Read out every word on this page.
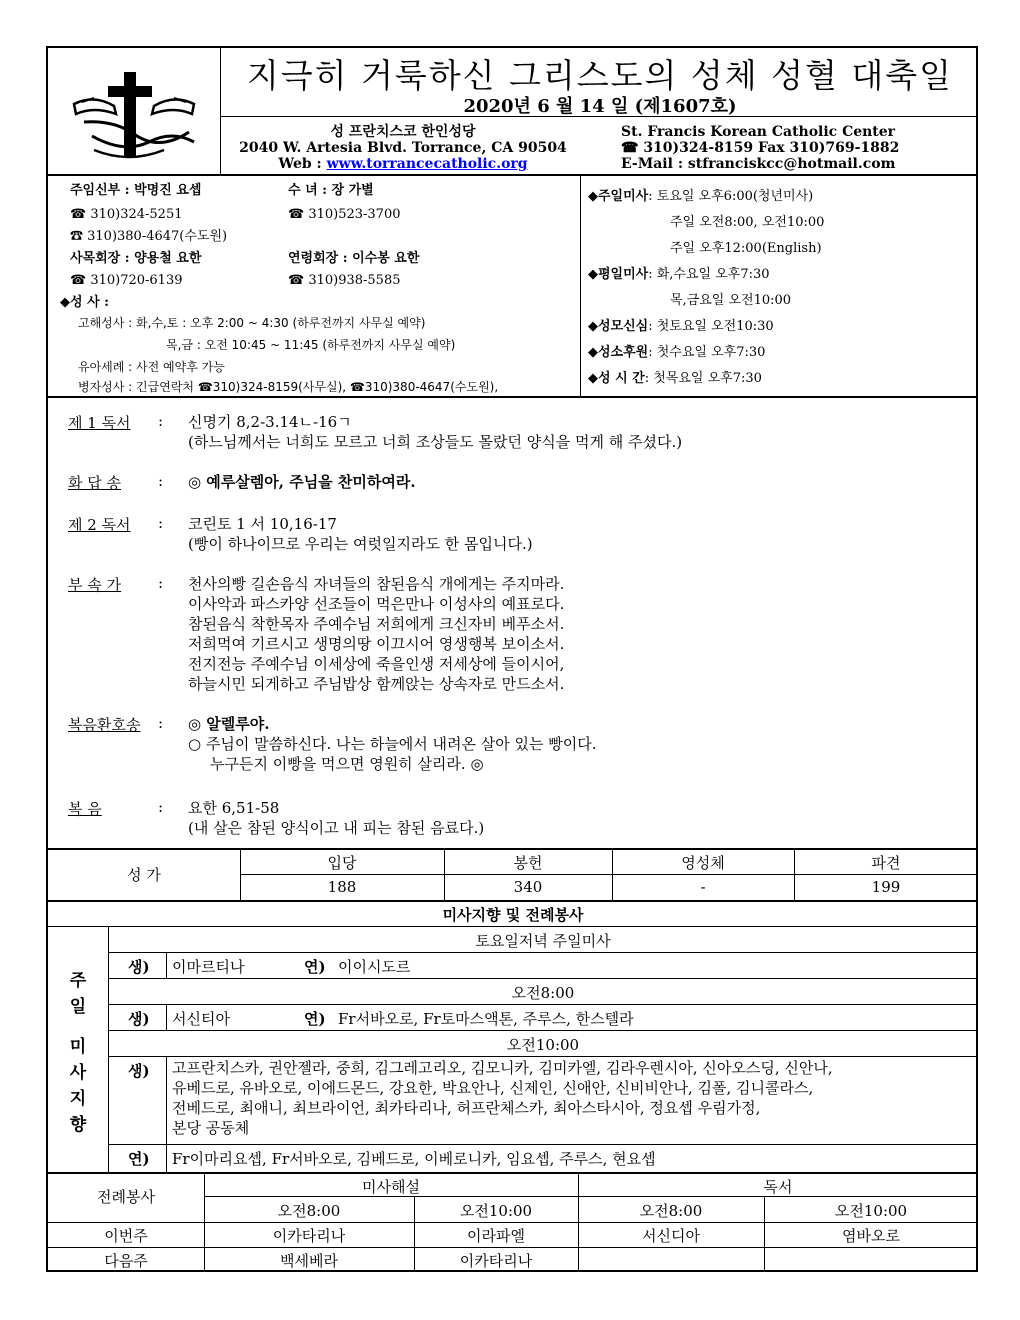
지극히 거룩하신 그리스도의 성체 성혈 대축일
2020년 6 월 14 일 (제1607호)
성 프란치스코 한인성당
2040 W. Artesia Blvd. Torrance, CA 90504
Web : www.torrancecatholic.org
St. Francis Korean Catholic Center
☎ 310)324-8159 Fax 310)769-1882
E-Mail : stfranciskcc@hotmail.com
주임신부 : 박명진 요셉
☎ 310)324-5251
☎ 310)380-4647(수도원)
수 녀 : 장 가별
☎ 310)523-3700
사목회장 : 양용철 요한
☎ 310)720-6139
연령회장 : 이수봉 요한
☎ 310)938-5585
◆성 사 :
고해성사 : 화,수,토 : 오후 2:00 ~ 4:30 (하루전까지 사무실 예약)
목,금 : 오전 10:45 ~ 11:45 (하루전까지 사무실 예약)
유아세례 : 사전 예약후 가능
병자성사 : 긴급연락처 ☎310)324-8159(사무실), ☎310)380-4647(수도원),
◆주일미사: 토요일 오후6:00(청년미사)
주일 오전8:00, 오전10:00
주일 오후12:00(English)
◆평일미사: 화,수요일 오후7:30
목,금요일 오전10:00
◆성모신심: 첫토요일 오전10:30
◆성소후원: 첫수요일 오후7:30
◆성 시 간: 첫목요일 오후7:30
제 1 독서 : 신명기 8,2-3.14ㄴ-16ㄱ
(하느님께서는 너희도 모르고 너희 조상들도 몰랐던 양식을 먹게 해 주셨다.)
화 답 송 : ◎ 예루살렘아, 주님을 찬미하여라.
제 2 독서 : 코린토 1 서 10,16-17
(빵이 하나이므로 우리는 여럿일지라도 한 몸입니다.)
부 속 가 : 천사의빵 길손음식 자녀들의 참된음식 개에게는 주지마라.
이사악과 파스카양 선조들이 먹은만나 이성사의 예표로다.
참된음식 착한목자 주예수님 저희에게 크신자비 베푸소서.
저희먹여 기르시고 생명의땅 이끄시어 영생행복 보이소서.
전지전능 주예수님 이세상에 죽을인생 저세상에 들이시어,
하늘시민 되게하고 주님밥상 함께앉는 상속자로 만드소서.
복음환호송 : ◎ 알렐루야.
○ 주님이 말씀하신다. 나는 하늘에서 내려온 살아 있는 빵이다.
누구든지 이빵을 먹으면 영원히 살리라. ◎
복 음	: 요한 6,51-58
(내 살은 참된 양식이고 내 피는 참된 음료다.)
성 가
입당	봉헌	영성체	파견
188	340	-	199
미사지향 및 전례봉사
주
일
미
사
지
향
토요일저녁 주일미사
생) 이마르티나	연) 이이시도르
오전8:00
생) 서신티아	연) Fr서바오로, Fr토마스액톤, 주루스, 한스텔라
오전10:00
생) 고프란치스카, 권안젤라, 중희, 김그레고리오, 김모니카, 김미카엘, 김라우렌시아, 신아오스딩, 신안나,
유베드로, 유바오로, 이에드몬드, 강요한, 박요안나, 신제인, 신애안, 신비비안나, 김폴, 김니콜라스,
전베드로, 최애니, 최브라이언, 최카타리나, 허프란체스카, 최아스타시아, 정요셉 우림가정,
본당 공동체
연) Fr이마리요셉, Fr서바오로, 김베드로, 이베로니카, 임요셉, 주루스, 현요셉
전례봉사
미사해설	독서
오전8:00	오전10:00	오전8:00	오전10:00
이번주	이카타리나	이라파엘	서신디아	염바오로
다음주	백세베라	이카타리나
